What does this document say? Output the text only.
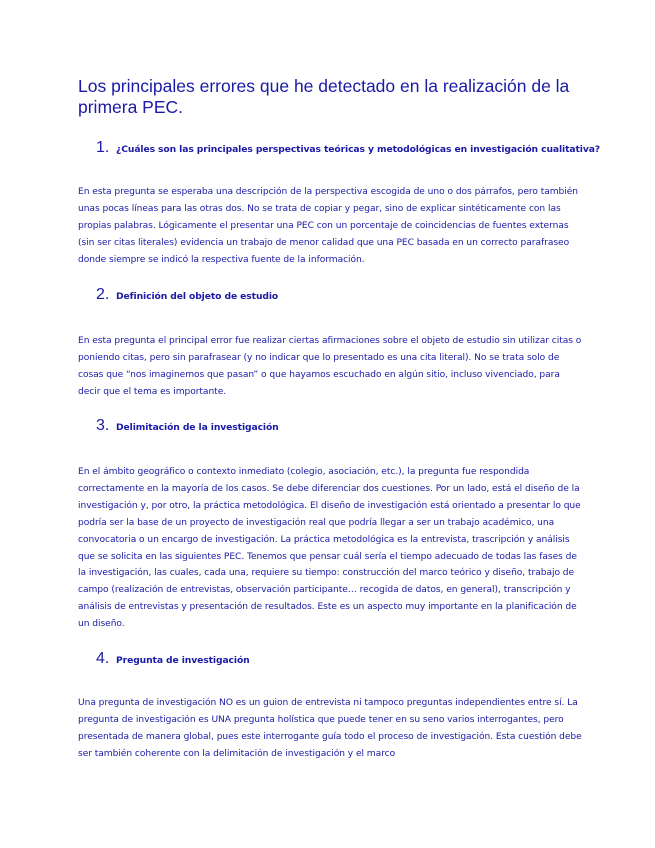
Los principales errores que he detectado en la realización de la primera PEC.
1. ¿Cuáles son las principales perspectivas teóricas y metodológicas en investigación cualitativa?

En esta pregunta se esperaba una descripción de la perspectiva escogida de uno o dos párrafos, pero también unas pocas líneas para las otras dos. No se trata de copiar y pegar, sino de explicar sintéticamente con las propias palabras. Lógicamente el presentar una PEC con un porcentaje de coincidencias de fuentes externas (sin ser citas literales) evidencia un trabajo de menor calidad que una PEC basada en un correcto parafraseo donde siempre se indicó la respectiva fuente de la información.

2. Definición del objeto de estudio

En esta pregunta el principal error fue realizar ciertas afirmaciones sobre el objeto de estudio sin utilizar citas o poniendo citas, pero sin parafrasear (y no indicar que lo presentado es una cita literal). No se trata solo de cosas que “nos imaginemos que pasan” o que hayamos escuchado en algún sitio, incluso vivenciado, para decir que el tema es importante.

3. Delimitación de la investigación

En el ámbito geográfico o contexto inmediato (colegio, asociación, etc.), la pregunta fue respondida correctamente en la mayoría de los casos. Se debe diferenciar dos cuestiones. Por un lado, está el diseño de la investigación y, por otro, la práctica metodológica. El diseño de investigación está orientado a presentar lo que podría ser la base de un proyecto de investigación real que podría llegar a ser un trabajo académico, una convocatoria o un encargo de investigación. La práctica metodológica es la entrevista, trascripción y análisis que se solicita en las siguientes PEC. Tenemos que pensar cuál sería el tiempo adecuado de todas las fases de la investigación, las cuales, cada una, requiere su tiempo: construcción del marco teórico y diseño, trabajo de campo (realización de entrevistas, observación participante… recogida de datos, en general), transcripción y análisis de entrevistas y presentación de resultados. Este es un aspecto muy importante en la planificación de un diseño.

4. Pregunta de investigación

Una pregunta de investigación NO es un guion de entrevista ni tampoco preguntas independientes entre sí. La pregunta de investigación es UNA pregunta holística que puede tener en su seno varios interrogantes, pero presentada de manera global, pues este interrogante guía todo el proceso de investigación. Esta cuestión debe ser también coherente con la delimitación de investigación y el marco
